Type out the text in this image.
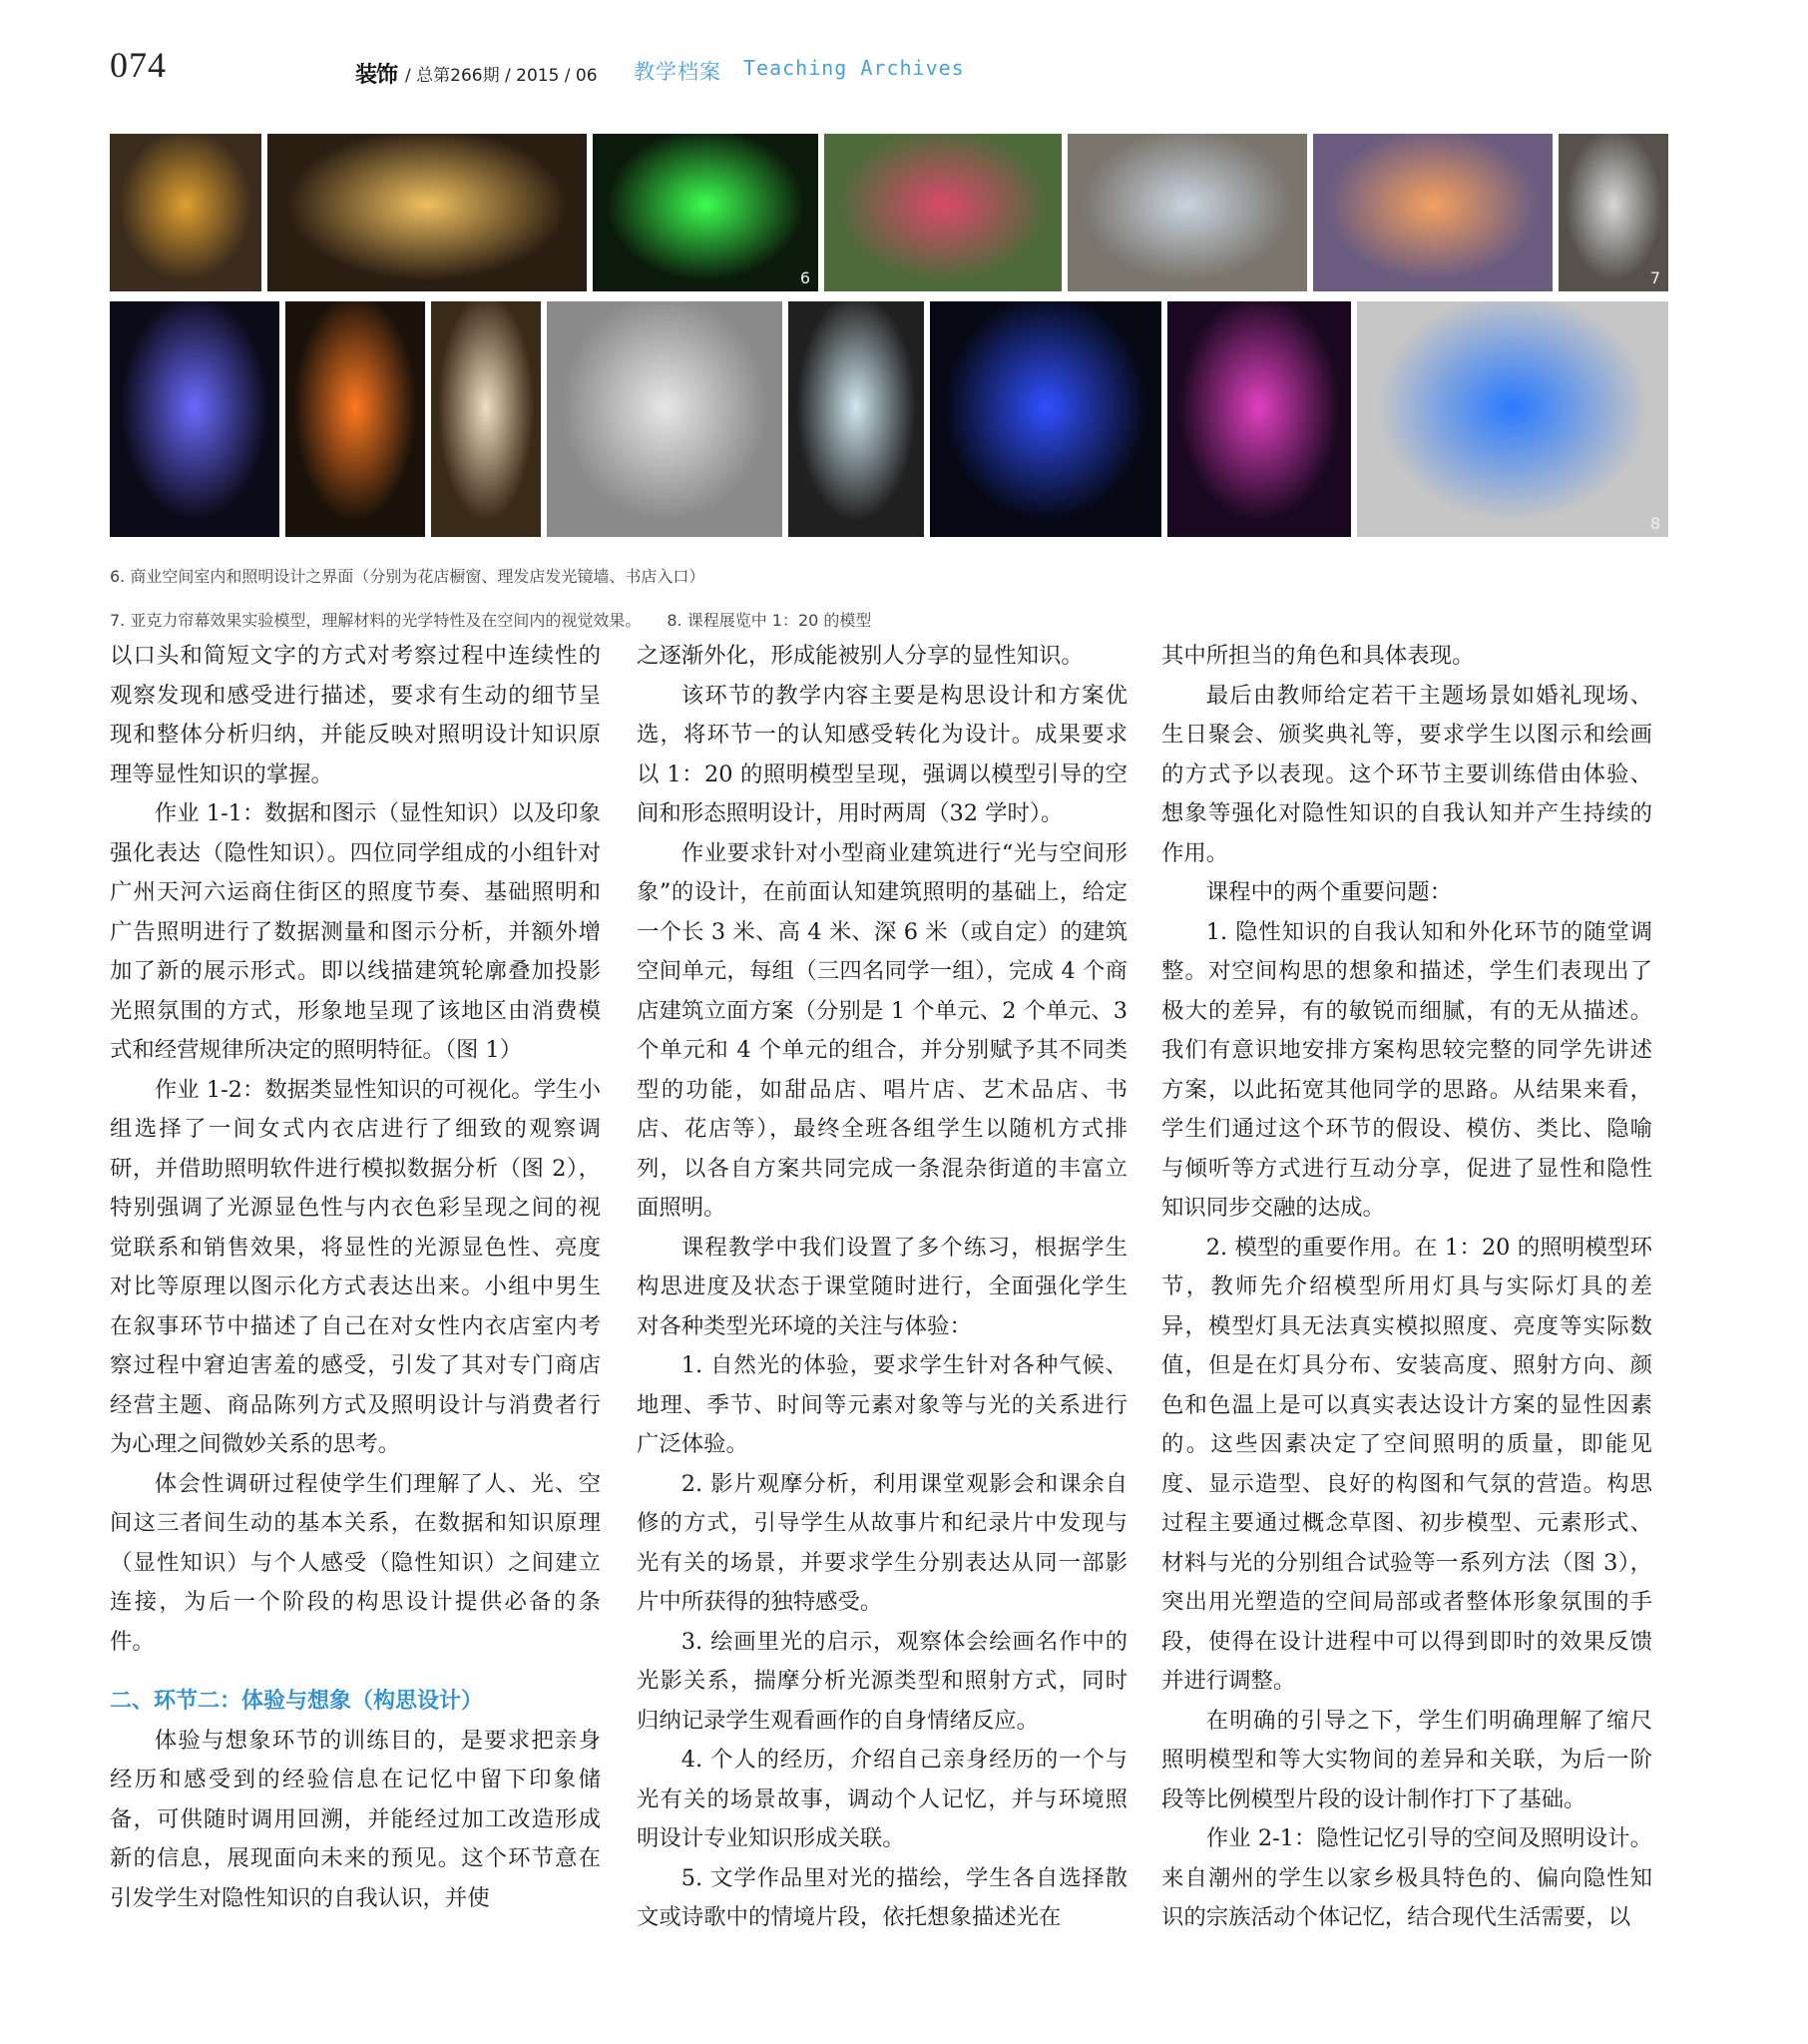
074	装饰 / 总第266期 / 2015 / 06 教学档案 Teaching Archives
6	7
8
6. 商业空间室内和照明设计之界面（分别为花店橱窗、理发店发光镜墙、书店入口）
7. 亚克力帘幕效果实验模型，理解材料的光学特性及在空间内的视觉效果。 8. 课程展览中 1：20 的模型

以口头和简短文字的方式对考察过程中连续性的观察发现和感受进行描述，要求有生动的细节呈现和整体分析归纳，并能反映对照明设计知识原理等显性知识的掌握。

作业 1-1：数据和图示（显性知识）以及印象强化表达（隐性知识）。四位同学组成的小组针对广州天河六运商住街区的照度节奏、基础照明和广告照明进行了数据测量和图示分析，并额外增加了新的展示形式。即以线描建筑轮廓叠加投影光照氛围的方式，形象地呈现了该地区由消费模式和经营规律所决定的照明特征。（图 1）

作业 1-2：数据类显性知识的可视化。学生小组选择了一间女式内衣店进行了细致的观察调研，并借助照明软件进行模拟数据分析（图 2），特别强调了光源显色性与内衣色彩呈现之间的视觉联系和销售效果，将显性的光源显色性、亮度对比等原理以图示化方式表达出来。小组中男生在叙事环节中描述了自己在对女性内衣店室内考察过程中窘迫害羞的感受，引发了其对专门商店经营主题、商品陈列方式及照明设计与消费者行为心理之间微妙关系的思考。

体会性调研过程使学生们理解了人、光、空间这三者间生动的基本关系，在数据和知识原理（显性知识）与个人感受（隐性知识）之间建立连接，为后一个阶段的构思设计提供必备的条件。

二、环节二：体验与想象（构思设计）

体验与想象环节的训练目的，是要求把亲身经历和感受到的经验信息在记忆中留下印象储备，可供随时调用回溯，并能经过加工改造形成新的信息，展现面向未来的预见。这个环节意在引发学生对隐性知识的自我认识，并使

之逐渐外化，形成能被别人分享的显性知识。

该环节的教学内容主要是构思设计和方案优选，将环节一的认知感受转化为设计。成果要求以 1：20 的照明模型呈现，强调以模型引导的空间和形态照明设计，用时两周（32 学时）。

作业要求针对小型商业建筑进行“光与空间形象”的设计，在前面认知建筑照明的基础上，给定一个长 3 米、高 4 米、深 6 米（或自定）的建筑空间单元，每组（三四名同学一组），完成 4 个商店建筑立面方案（分别是 1 个单元、2 个单元、3 个单元和 4 个单元的组合，并分别赋予其不同类型的功能，如甜品店、唱片店、艺术品店、书店、花店等），最终全班各组学生以随机方式排列，以各自方案共同完成一条混杂街道的丰富立面照明。

课程教学中我们设置了多个练习，根据学生构思进度及状态于课堂随时进行，全面强化学生对各种类型光环境的关注与体验：

1. 自然光的体验，要求学生针对各种气候、地理、季节、时间等元素对象等与光的关系进行广泛体验。

2. 影片观摩分析，利用课堂观影会和课余自修的方式，引导学生从故事片和纪录片中发现与光有关的场景，并要求学生分别表达从同一部影片中所获得的独特感受。

3. 绘画里光的启示，观察体会绘画名作中的光影关系，揣摩分析光源类型和照射方式，同时归纳记录学生观看画作的自身情绪反应。

4. 个人的经历，介绍自己亲身经历的一个与光有关的场景故事，调动个人记忆，并与环境照明设计专业知识形成关联。

5. 文学作品里对光的描绘，学生各自选择散文或诗歌中的情境片段，依托想象描述光在

其中所担当的角色和具体表现。

最后由教师给定若干主题场景如婚礼现场、生日聚会、颁奖典礼等，要求学生以图示和绘画的方式予以表现。这个环节主要训练借由体验、想象等强化对隐性知识的自我认知并产生持续的作用。

课程中的两个重要问题：

1. 隐性知识的自我认知和外化环节的随堂调整。对空间构思的想象和描述，学生们表现出了极大的差异，有的敏锐而细腻，有的无从描述。我们有意识地安排方案构思较完整的同学先讲述方案，以此拓宽其他同学的思路。从结果来看，学生们通过这个环节的假设、模仿、类比、隐喻与倾听等方式进行互动分享，促进了显性和隐性知识同步交融的达成。

2. 模型的重要作用。在 1：20 的照明模型环节，教师先介绍模型所用灯具与实际灯具的差异，模型灯具无法真实模拟照度、亮度等实际数值，但是在灯具分布、安装高度、照射方向、颜色和色温上是可以真实表达设计方案的显性因素的。这些因素决定了空间照明的质量，即能见度、显示造型、良好的构图和气氛的营造。构思过程主要通过概念草图、初步模型、元素形式、材料与光的分别组合试验等一系列方法（图 3），突出用光塑造的空间局部或者整体形象氛围的手段，使得在设计进程中可以得到即时的效果反馈并进行调整。

在明确的引导之下，学生们明确理解了缩尺照明模型和等大实物间的差异和关联，为后一阶段等比例模型片段的设计制作打下了基础。

作业 2-1：隐性记忆引导的空间及照明设计。来自潮州的学生以家乡极具特色的、偏向隐性知识的宗族活动个体记忆，结合现代生活需要，以
